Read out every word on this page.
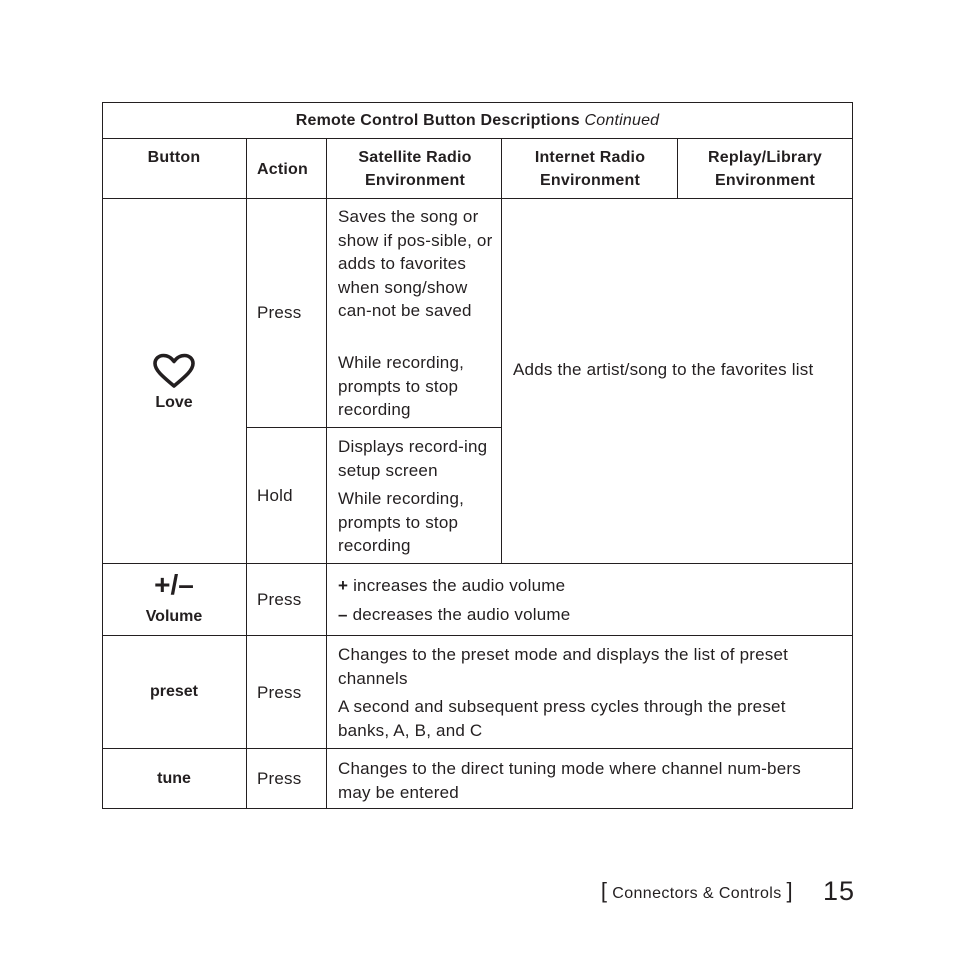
Remote Control Button Descriptions Continued
Button
Action
Satellite Radio Environment
Internet Radio Environment
Replay/Library Environment
Love
Press
Saves the song or show if pos-sible, or adds to favorites when song/show can-not be saved
While recording, prompts to stop recording
Adds the artist/song to the favorites list
Hold
Displays record-ing setup screen
While recording, prompts to stop recording
+/–
Volume
Press
+ increases the audio volume
– decreases the audio volume
preset	Press
Changes to the preset mode and displays the list of preset channels
A second and subsequent press cycles through the preset banks, A, B, and C
tune	Press
Changes to the direct tuning mode where channel num-bers may be entered
[ Connectors & Controls ] 15
